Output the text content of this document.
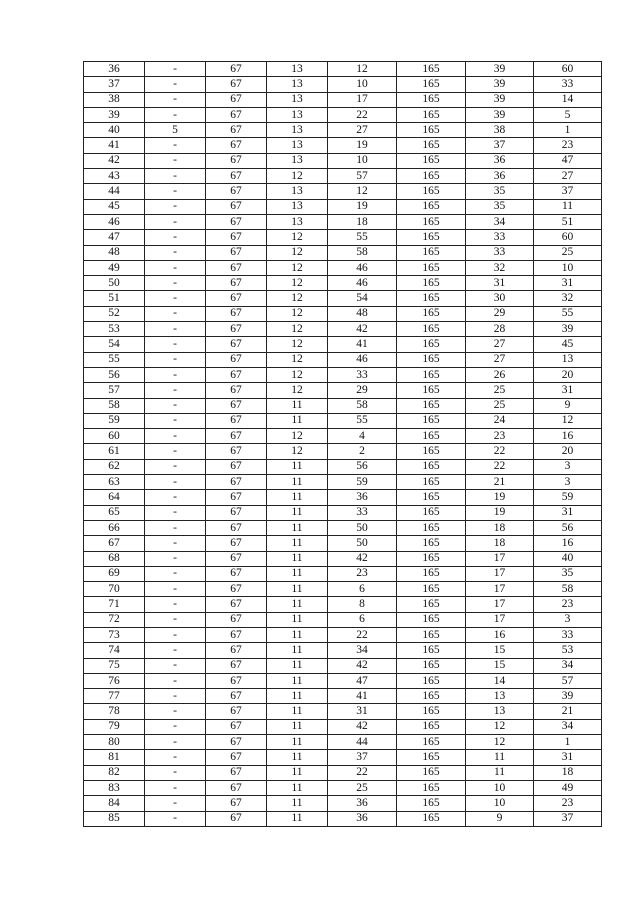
36	-	67	13	12	165	39	60
37	-	67	13	10	165	39	33
38	-	67	13	17	165	39	14
39	-	67	13	22	165	39	5
40	5	67	13	27	165	38	1
41	-	67	13	19	165	37	23
42	-	67	13	10	165	36	47
43	-	67	12	57	165	36	27
44	-	67	13	12	165	35	37
45	-	67	13	19	165	35	11
46	-	67	13	18	165	34	51
47	-	67	12	55	165	33	60
48	-	67	12	58	165	33	25
49	-	67	12	46	165	32	10
50	-	67	12	46	165	31	31
51	-	67	12	54	165	30	32
52	-	67	12	48	165	29	55
53	-	67	12	42	165	28	39
54	-	67	12	41	165	27	45
55	-	67	12	46	165	27	13
56	-	67	12	33	165	26	20
57	-	67	12	29	165	25	31
58	-	67	11	58	165	25	9
59	-	67	11	55	165	24	12
60	-	67	12	4	165	23	16
61	-	67	12	2	165	22	20
62	-	67	11	56	165	22	3
63	-	67	11	59	165	21	3
64	-	67	11	36	165	19	59
65	-	67	11	33	165	19	31
66	-	67	11	50	165	18	56
67	-	67	11	50	165	18	16
68	-	67	11	42	165	17	40
69	-	67	11	23	165	17	35
70	-	67	11	6	165	17	58
71	-	67	11	8	165	17	23
72	-	67	11	6	165	17	3
73	-	67	11	22	165	16	33
74	-	67	11	34	165	15	53
75	-	67	11	42	165	15	34
76	-	67	11	47	165	14	57
77	-	67	11	41	165	13	39
78	-	67	11	31	165	13	21
79	-	67	11	42	165	12	34
80	-	67	11	44	165	12	1
81	-	67	11	37	165	11	31
82	-	67	11	22	165	11	18
83	-	67	11	25	165	10	49
84	-	67	11	36	165	10	23
85	-	67	11	36	165	9	37
